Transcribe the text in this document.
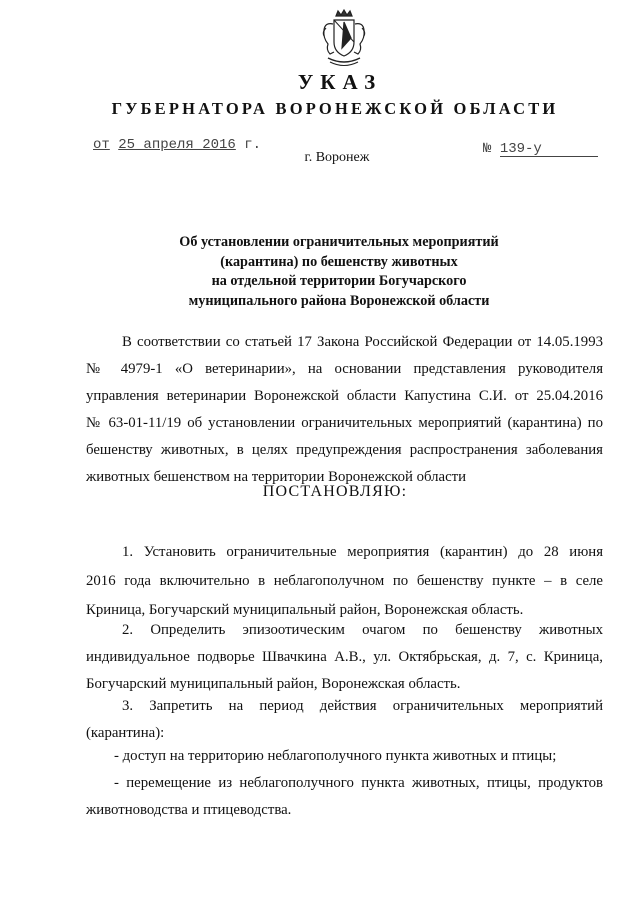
УКАЗ
ГУБЕРНАТОРА ВОРОНЕЖСКОЙ ОБЛАСТИ
от 25 апреля 2016 г.	№ 139-у
г. Воронеж
Об установлении ограничительных мероприятий
(карантина) по бешенству животных
на отдельной территории Богучарского
муниципального района Воронежской области
В соответствии со статьей 17 Закона Российской Федерации от 14.05.1993
№ 4979-1 «О ветеринарии», на основании представления руководителя
управления ветеринарии Воронежской области Капустина С.И. от 25.04.2016
№ 63-01-11/19 об установлении ограничительных мероприятий (карантина) по
бешенству животных, в целях предупреждения распространения заболевания
животных бешенством на территории Воронежской области
ПОСТАНОВЛЯЮ:
1. Установить ограничительные мероприятия (карантин) до 28 июня
2016 года включительно в неблагополучном по бешенству пункте – в селе
Криница, Богучарский муниципальный район, Воронежская область.
2. Определить эпизоотическим очагом по бешенству животных
индивидуальное подворье Швачкина А.В., ул. Октябрьская, д. 7, с. Криница,
Богучарский муниципальный район, Воронежская область.
3. Запретить на период действия ограничительных мероприятий
(карантина):
- доступ на территорию неблагополучного пункта животных и птицы;
- перемещение из неблагополучного пункта животных, птицы, продуктов
животноводства и птицеводства.
